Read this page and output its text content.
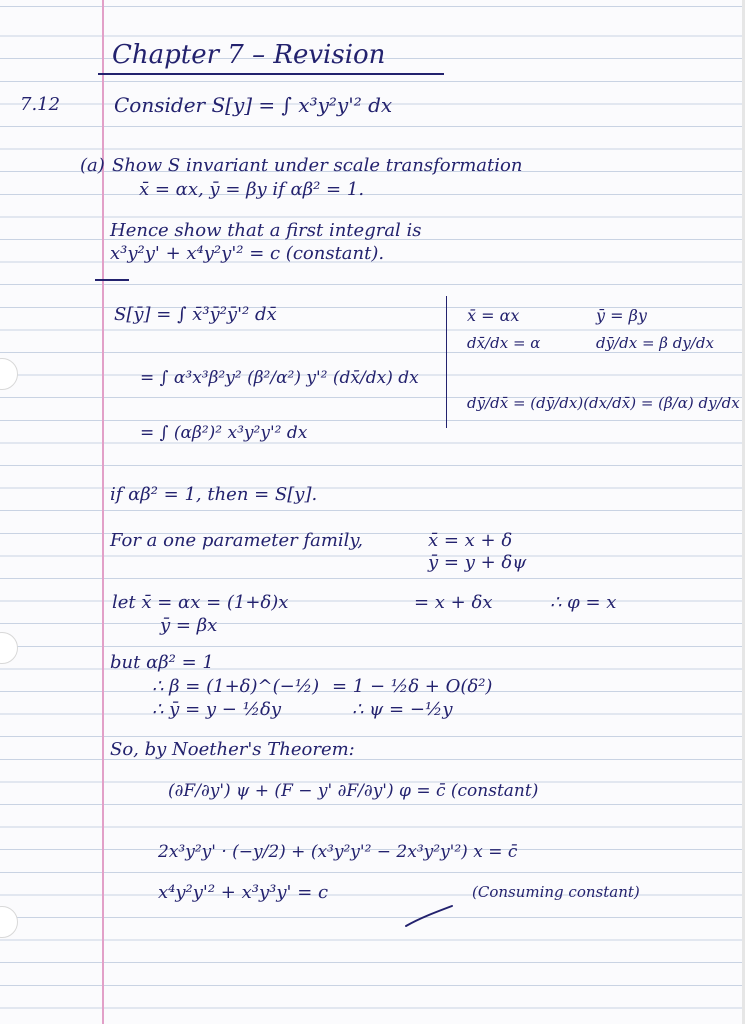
Chapter 7 – Revision
7.12	Consider S[y] = ∫ x³y²y'² dx
(a) Show S invariant under scale transformation
x̄ = αx, ȳ = βy if αβ² = 1.
Hence show that a first integral is
x³y²y' + x⁴y²y'² = c (constant).
S[ȳ] = ∫ x̄³ȳ²ȳ'² dx̄
= ∫ α³x³β²y² (β²/α²) y'² (dx̄/dx) dx
= ∫ (αβ²)² x³y²y'² dx
x̄ = αx	ȳ = βy
dx̄/dx = α	dȳ/dx = β dy/dx
dȳ/dx̄ = (dȳ/dx)(dx/dx̄) = (β/α) dy/dx
if αβ² = 1, then = S[y].
For a one parameter family,	x̄ = x + δ
ȳ = y + δψ
let x̄ = αx = (1+δ)x	= x + δx	∴ φ = x
ȳ = βx
but αβ² = 1
∴ β = (1+δ)^(−½) = 1 − ½δ + O(δ²)
∴ ȳ = y − ½δy	∴ ψ = −½y
So, by Noether's Theorem:
(∂F/∂y') ψ + (F − y' ∂F/∂y') φ = c̄ (constant)
2x³y²y' · (−y/2) + (x³y²y'² − 2x³y²y'²) x = c̄
x⁴y²y'² + x³y³y' = c	(Consuming constant)
